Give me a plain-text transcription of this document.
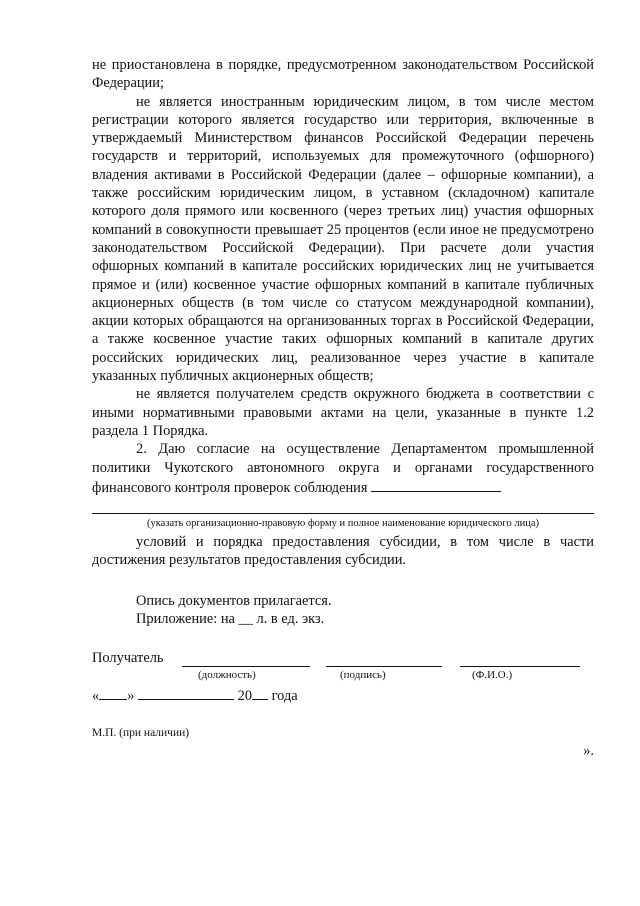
не приостановлена в порядке, предусмотренном законодательством Российской Федерации;

не является иностранным юридическим лицом, в том числе местом регистрации которого является государство или территория, включенные в утверждаемый Министерством финансов Российской Федерации перечень государств и территорий, используемых для промежуточного (офшорного) владения активами в Российской Федерации (далее – офшорные компании), а также российским юридическим лицом, в уставном (складочном) капитале которого доля прямого или косвенного (через третьих лиц) участия офшорных компаний в совокупности превышает 25 процентов (если иное не предусмотрено законодательством Российской Федерации). При расчете доли участия офшорных компаний в капитале российских юридических лиц не учитывается прямое и (или) косвенное участие офшорных компаний в капитале публичных акционерных обществ (в том числе со статусом международной компании), акции которых обращаются на организованных торгах в Российской Федерации, а также косвенное участие таких офшорных компаний в капитале других российских юридических лиц, реализованное через участие в капитале указанных публичных акционерных обществ;

не является получателем средств окружного бюджета в соответствии с иными нормативными правовыми актами на цели, указанные в пункте 1.2 раздела 1 Порядка.

2. Даю согласие на осуществление Департаментом промышленной политики Чукотского автономного округа и органами государственного финансового контроля проверок соблюдения

(указать организационно-правовую форму и полное наименование юридического лица)

условий и порядка предоставления субсидии, в том числе в части достижения результатов предоставления субсидии.

Опись документов прилагается.

Приложение: на __ л. в ед. экз.

Получатель
(должность)	(подпись)	(Ф.И.О.)
« »	20 года
М.П. (при наличии)
».
